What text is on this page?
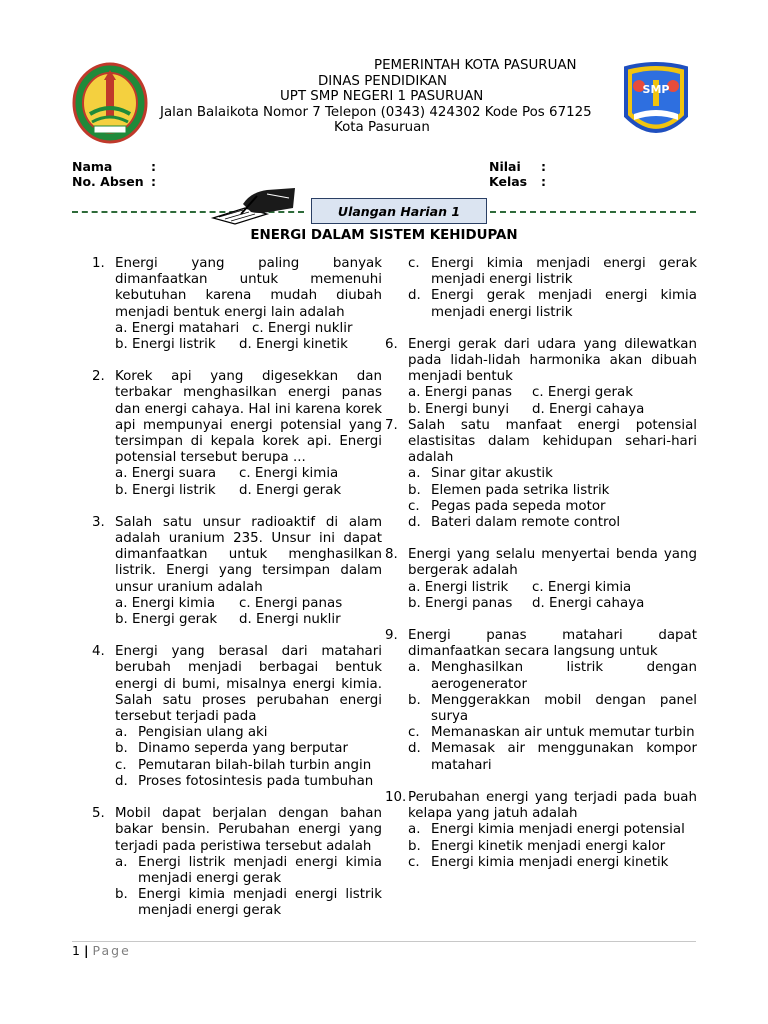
SMP
PEMERINTAH KOTA PASURUAN
DINAS PENDIDIKAN
UPT SMP NEGERI 1 PASURUAN
Jalan Balaikota Nomor 7 Telepon (0343) 424302 Kode Pos 67125
Kota Pasuruan
Nama	:
No. Absen :
Nilai :
Kelas :
Ulangan Harian 1
ENERGI DALAM SISTEM KEHIDUPAN
1. Energi yang paling banyak dimanfaatkan untuk memenuhi kebutuhan karena mudah diubah menjadi bentuk energi lain adalah
a. Energi matahari c. Energi nuklir
b. Energi listrik d. Energi kinetik
2. Korek api yang digesekkan dan terbakar menghasilkan energi panas dan energi cahaya. Hal ini karena korek api mempunyai energi potensial yang tersimpan di kepala korek api. Energi potensial tersebut berupa ...
a. Energi suara c. Energi kimia
b. Energi listrik d. Energi gerak
3. Salah satu unsur radioaktif di alam adalah uranium 235. Unsur ini dapat dimanfaatkan untuk menghasilkan listrik. Energi yang tersimpan dalam unsur uranium adalah
a. Energi kimia c. Energi panas
b. Energi gerak d. Energi nuklir
4. Energi yang berasal dari matahari berubah menjadi berbagai bentuk energi di bumi, misalnya energi kimia. Salah satu proses perubahan energi tersebut terjadi pada
a. Pengisian ulang aki
b. Dinamo seperda yang berputar
c. Pemutaran bilah-bilah turbin angin
d. Proses fotosintesis pada tumbuhan
5. Mobil dapat berjalan dengan bahan bakar bensin. Perubahan energi yang terjadi pada peristiwa tersebut adalah
a. Energi listrik menjadi energi kimia menjadi energi gerak
b. Energi kimia menjadi energi listrik menjadi energi gerak
c. Energi kimia menjadi energi gerak menjadi energi listrik
d. Energi gerak menjadi energi kimia menjadi energi listrik
6. Energi gerak dari udara yang dilewatkan pada lidah-lidah harmonika akan dibuah menjadi bentuk
a. Energi panas c. Energi gerak
b. Energi bunyi d. Energi cahaya
7. Salah satu manfaat energi potensial elastisitas dalam kehidupan sehari-hari adalah
a. Sinar gitar akustik
b. Elemen pada setrika listrik
c. Pegas pada sepeda motor
d. Bateri dalam remote control
8. Energi yang selalu menyertai benda yang bergerak adalah
a. Energi listrik c. Energi kimia
b. Energi panas d. Energi cahaya
9. Energi panas matahari dapat dimanfaatkan secara langsung untuk
a. Menghasilkan listrik dengan aerogenerator
b. Menggerakkan mobil dengan panel surya
c. Memanaskan air untuk memutar turbin
d. Memasak air menggunakan kompor matahari
10. Perubahan energi yang terjadi pada buah kelapa yang jatuh adalah
a. Energi kimia menjadi energi potensial
b. Energi kinetik menjadi energi kalor
c. Energi kimia menjadi energi kinetik
1 | Page
